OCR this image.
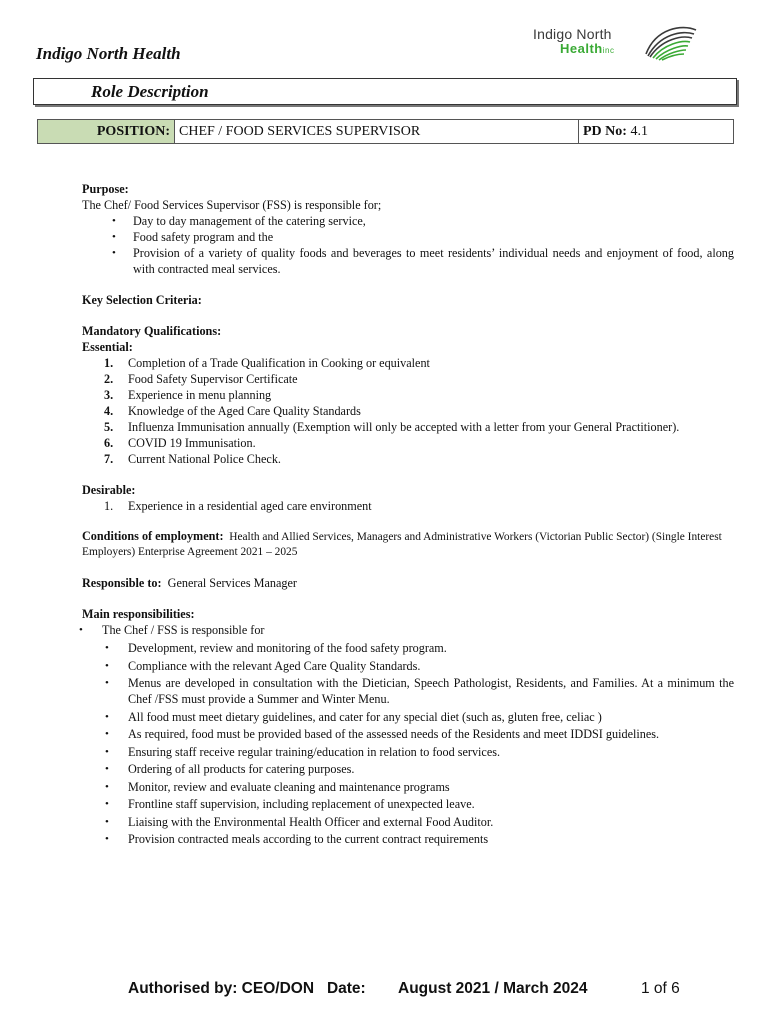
Indigo North Health
Indigo North
Healthinc
Role Description
POSITION:	CHEF / FOOD SERVICES SUPERVISOR	PD No: 4.1
Purpose:
The Chef/ Food Services Supervisor (FSS) is responsible for;
• Day to day management of the catering service,
• Food safety program and the
• Provision of a variety of quality foods and beverages to meet residents’ individual needs and enjoyment of food, along with contracted meal services.
Key Selection Criteria:
Mandatory Qualifications:
Essential:
1. Completion of a Trade Qualification in Cooking or equivalent
2. Food Safety Supervisor Certificate
3. Experience in menu planning
4. Knowledge of the Aged Care Quality Standards
5. Influenza Immunisation annually (Exemption will only be accepted with a letter from your General Practitioner).
6. COVID 19 Immunisation.
7. Current National Police Check.
Desirable:
1. Experience in a residential aged care environment
Conditions of employment: Health and Allied Services, Managers and Administrative Workers (Victorian Public Sector) (Single Interest Employers) Enterprise Agreement 2021 – 2025
Responsible to: General Services Manager
Main responsibilities:
• The Chef / FSS is responsible for
• Development, review and monitoring of the food safety program.
• Compliance with the relevant Aged Care Quality Standards.
• Menus are developed in consultation with the Dietician, Speech Pathologist, Residents, and Families. At a minimum the Chef /FSS must provide a Summer and Winter Menu.
• All food must meet dietary guidelines, and cater for any special diet (such as, gluten free, celiac )
• As required, food must be provided based of the assessed needs of the Residents and meet IDDSI guidelines.
• Ensuring staff receive regular training/education in relation to food services.
• Ordering of all products for catering purposes.
• Monitor, review and evaluate cleaning and maintenance programs
• Frontline staff supervision, including replacement of unexpected leave.
• Liaising with the Environmental Health Officer and external Food Auditor.
• Provision contracted meals according to the current contract requirements
Authorised by: CEO/DON Date: August 2021 / March 2024	1 of 6
